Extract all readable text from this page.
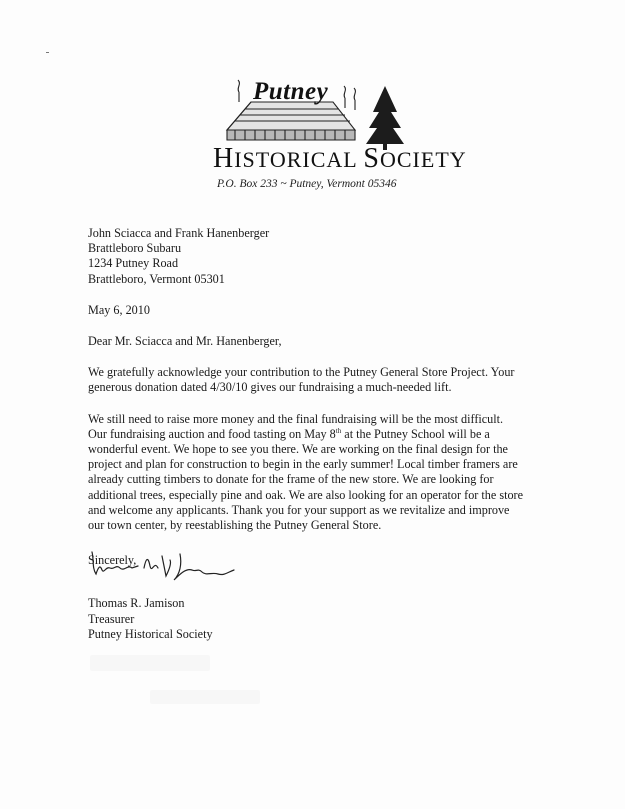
Putney
HISTORICAL SOCIETY
P.O. Box 233 ~ Putney, Vermont 05346
John Sciacca and Frank Hanenberger
Brattleboro Subaru
1234 Putney Road
Brattleboro, Vermont 05301
May 6, 2010
Dear Mr. Sciacca and Mr. Hanenberger,
We gratefully acknowledge your contribution to the Putney General Store Project. Your
generous donation dated 4/30/10 gives our fundraising a much-needed lift.
We still need to raise more money and the final fundraising will be the most difficult.
Our fundraising auction and food tasting on May 8th at the Putney School will be a
wonderful event. We hope to see you there. We are working on the final design for the
project and plan for construction to begin in the early summer! Local timber framers are
already cutting timbers to donate for the frame of the new store. We are looking for
additional trees, especially pine and oak. We are also looking for an operator for the store
and welcome any applicants. Thank you for your support as we revitalize and improve
our town center, by reestablishing the Putney General Store.
Sincerely,
Thomas R. Jamison
Treasurer
Putney Historical Society
